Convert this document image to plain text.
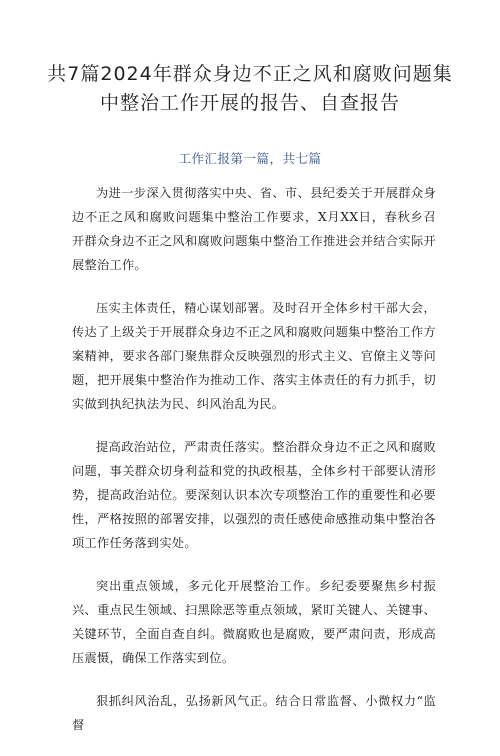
共7篇2024年群众身边不正之风和腐败问题集中整治工作开展的报告、自查报告
工作汇报第一篇，共七篇

为进一步深入贯彻落实中央、省、市、县纪委关于开展群众身边不正之风和腐败问题集中整治工作要求，X月XX日，春秋乡召开群众身边不正之风和腐败问题集中整治工作推进会并结合实际开展整治工作。

压实主体责任，精心谋划部署。及时召开全体乡村干部大会，传达了上级关于开展群众身边不正之风和腐败问题集中整治工作方案精神，要求各部门聚焦群众反映强烈的形式主义、官僚主义等问题，把开展集中整治作为推动工作、落实主体责任的有力抓手，切实做到执纪执法为民、纠风治乱为民。

提高政治站位，严肃责任落实。整治群众身边不正之风和腐败问题，事关群众切身利益和党的执政根基，全体乡村干部要认清形势，提高政治站位。要深刻认识本次专项整治工作的重要性和必要性，严格按照的部署安排，以强烈的责任感使命感推动集中整治各项工作任务落到实处。

突出重点领域，多元化开展整治工作。乡纪委要聚焦乡村振兴、重点民生领域、扫黑除恶等重点领域，紧盯关键人、关键事、关键环节，全面自查自纠。微腐败也是腐败，要严肃问责，形成高压震慑，确保工作落实到位。

狠抓纠风治乱，弘扬新风气正。结合日常监督、小微权力“监督
